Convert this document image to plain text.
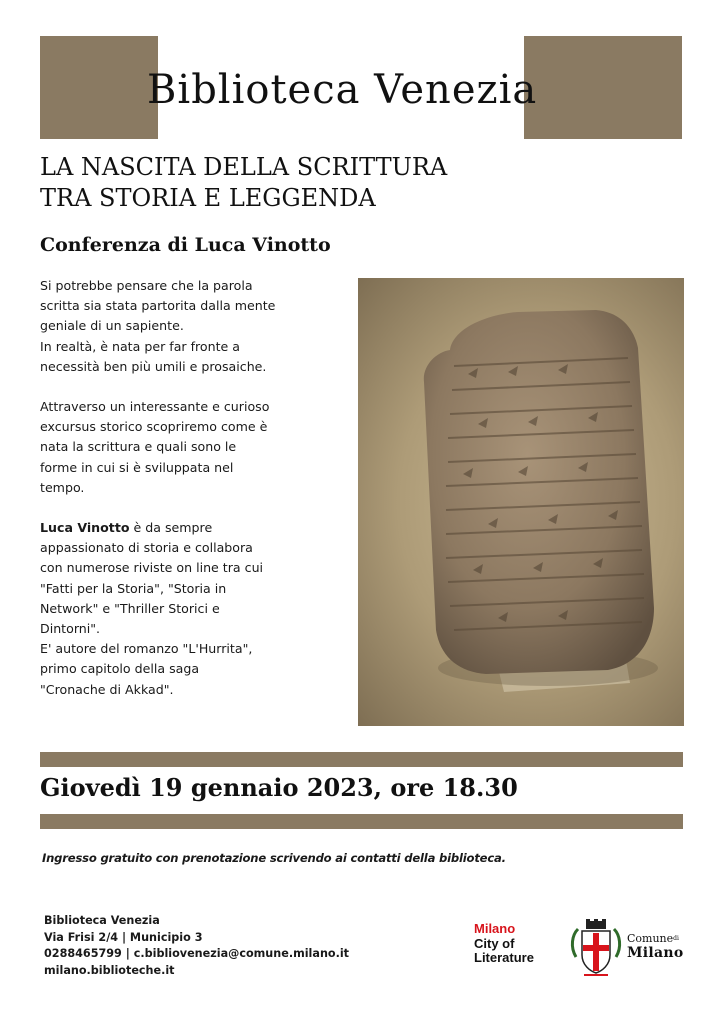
Biblioteca Venezia
LA NASCITA DELLA SCRITTURA
TRA STORIA E LEGGENDA
Conferenza di Luca Vinotto

Si potrebbe pensare che la parola
scritta sia stata partorita dalla mente
geniale di un sapiente.
In realtà, è nata per far fronte a
necessità ben più umili e prosaiche.

Attraverso un interessante e curioso
excursus storico scopriremo come è
nata la scrittura e quali sono le
forme in cui si è sviluppata nel
tempo.

Luca Vinotto è da sempre
appassionato di storia e collabora
con numerose riviste on line tra cui
"Fatti per la Storia", "Storia in
Network" e "Thriller Storici e
Dintorni".
E' autore del romanzo "L'Hurrita",
primo capitolo della saga
"Cronache di Akkad".

Giovedì 19 gennaio 2023, ore 18.30
Ingresso gratuito con prenotazione scrivendo ai contatti della biblioteca.
Biblioteca Venezia
Via Frisi 2/4 | Municipio 3
0288465799 | c.bibliovenezia@comune.milano.it
milano.biblioteche.it
Milano
City of
Literature
Comune$^{di}$
Milano
